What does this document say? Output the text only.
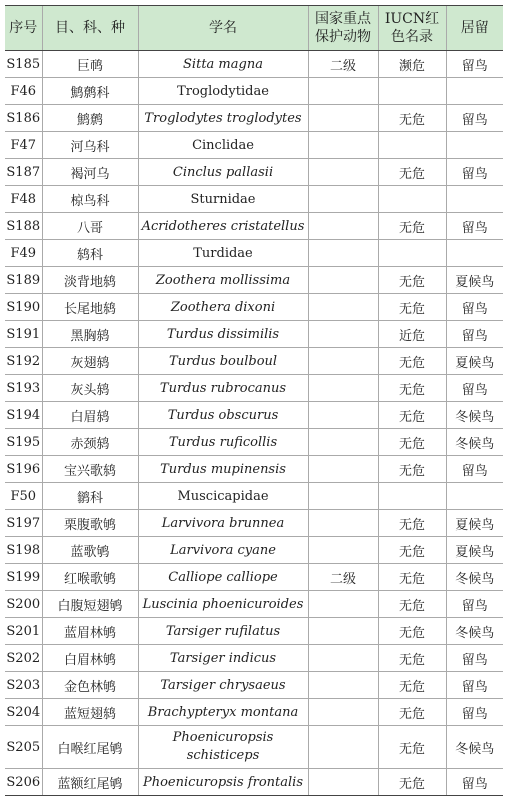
序号	目、科、种	学名	国家重点保护动物	IUCN红色名录	居留
S185	巨䴓	Sitta magna	二级	濒危	留鸟
F46	鹪鹩科	Troglodytidae			
S186	鹪鹩	Troglodytes troglodytes		无危	留鸟
F47	河乌科	Cinclidae			
S187	褐河乌	Cinclus pallasii		无危	留鸟
F48	椋鸟科	Sturnidae			
S188	八哥	Acridotheres cristatellus		无危	留鸟
F49	鸫科	Turdidae			
S189	淡背地鸫	Zoothera mollissima		无危	夏候鸟
S190	长尾地鸫	Zoothera dixoni		无危	留鸟
S191	黑胸鸫	Turdus dissimilis		近危	留鸟
S192	灰翅鸫	Turdus boulboul		无危	夏候鸟
S193	灰头鸫	Turdus rubrocanus		无危	留鸟
S194	白眉鸫	Turdus obscurus		无危	冬候鸟
S195	赤颈鸫	Turdus ruficollis		无危	冬候鸟
S196	宝兴歌鸫	Turdus mupinensis		无危	留鸟
F50	鹟科	Muscicapidae			
S197	栗腹歌鸲	Larvivora brunnea		无危	夏候鸟
S198	蓝歌鸲	Larvivora cyane		无危	夏候鸟
S199	红喉歌鸲	Calliope calliope	二级	无危	冬候鸟
S200	白腹短翅鸲	Luscinia phoenicuroides		无危	留鸟
S201	蓝眉林鸲	Tarsiger rufilatus		无危	冬候鸟
S202	白眉林鸲	Tarsiger indicus		无危	留鸟
S203	金色林鸲	Tarsiger chrysaeus		无危	留鸟
S204	蓝短翅鸫	Brachypteryx montana		无危	留鸟
S205	白喉红尾鸲	Phoenicuropsis schisticeps		无危	冬候鸟
S206	蓝额红尾鸲	Phoenicuropsis frontalis		无危	留鸟
